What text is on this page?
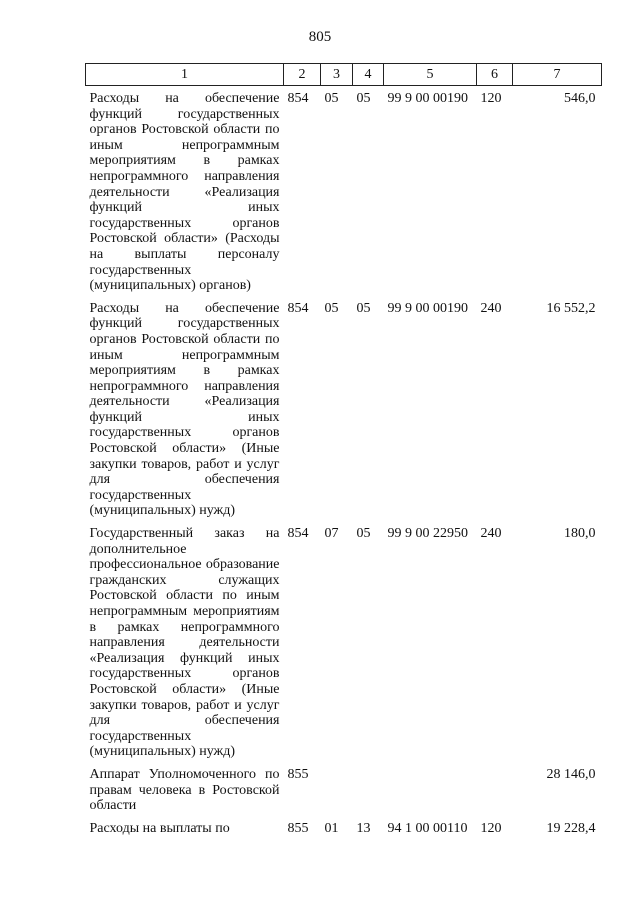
805
1	2	3	4	5	6	7
Расходы на обеспечение функций государственных органов Ростовской области по иным непрограммным мероприятиям в рамках непрограммного направления деятельности «Реализация функций иных государственных органов Ростовской области» (Расходы на выплаты персоналу государственных (муниципальных) органов)	854	05	05	99 9 00 00190	120	546,0
Расходы на обеспечение функций государственных органов Ростовской области по иным непрограммным мероприятиям в рамках непрограммного направления деятельности «Реализация функций иных государственных органов Ростовской области» (Иные закупки товаров, работ и услуг для обеспечения государственных (муниципальных) нужд)	854	05	05	99 9 00 00190	240	16 552,2
Государственный заказ на дополнительное профессиональное образование гражданских служащих Ростовской области по иным непрограммным мероприятиям в рамках непрограммного направления деятельности «Реализация функций иных государственных органов Ростовской области» (Иные закупки товаров, работ и услуг для обеспечения государственных (муниципальных) нужд)	854	07	05	99 9 00 22950	240	180,0
Аппарат Уполномоченного по правам человека в Ростовской области	855					28 146,0
Расходы на выплаты по	855	01	13	94 1 00 00110	120	19 228,4
